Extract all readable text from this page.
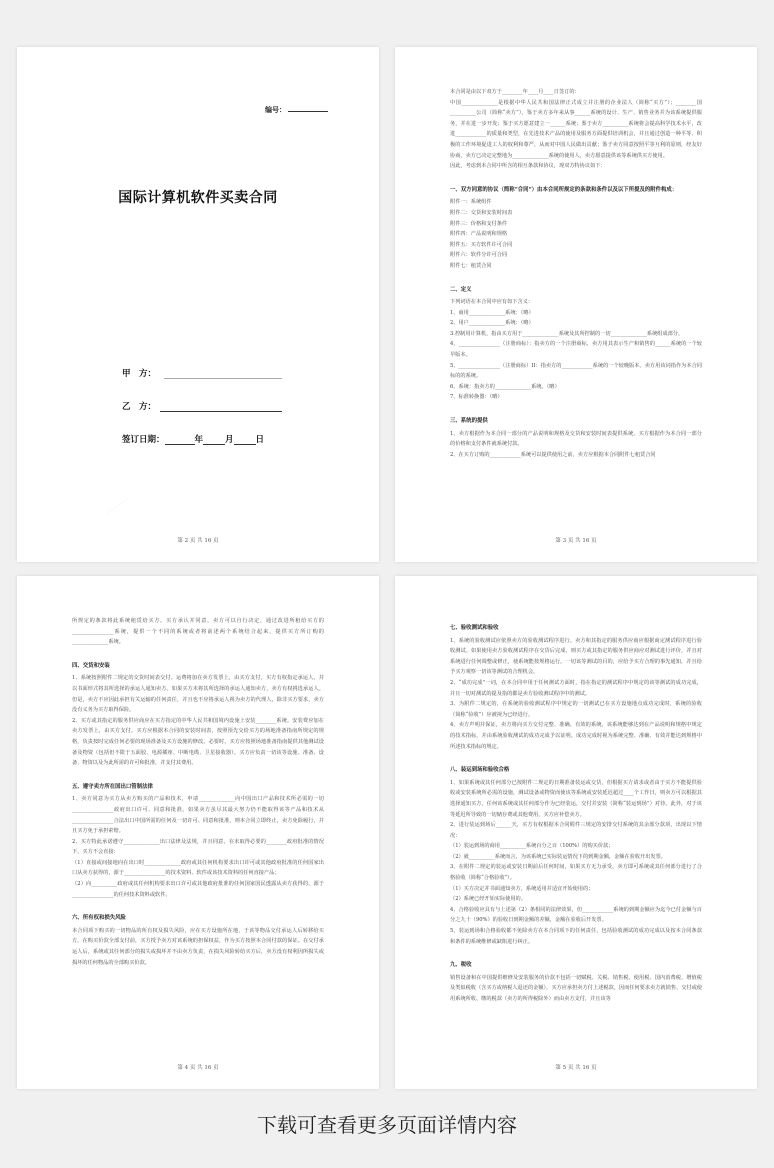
编号：
国际计算机软件买卖合同
甲　方：
乙　方：
签订日期：	年	月	日
第 2 页 共 16 页

本合同是由以下双方于________年____月____日签订的：

中国______________是根据中华人民共和国法律正式成立并注册的企业法人（简称“买方”）；________国__________公司（简称“卖方”），鉴于卖方多年来从事______系统的设计、生产、销售业务并为该系统提供服务，并在进一步开发；鉴于买方愿意建立一______系统；鉴于卖方__________系统将会提高科学技术水平，改进____________的质量和类型，在先进技术产品的使用及服务方面提供培训机会，并且通过创造一种平等、积极的工作环境促进工人的权利和尊严，从而对中国人民做出贡献；鉴于卖方同意按照平等互利的原则，经友好协商，卖方已决定完整地为______________系统的使用人，卖方愿意提供该等系统供买方使用。

因此，考虑到本合同中所含的相互条款和协议，现双方特协议如下：

一、双方同意的协议（简称“合同”）由本合同所规定的条款和条件以及以下所提及的附件构成：

附件一：系统组件

附件二：交货和安装时间表

附件三：价格和支付条件

附件四：产品说明和规格

附件五：买方软件许可合同

附件六：软件分许可合同

附件七：租赁合同

二、定义

下列词语在本合同中应有如下含义：

1、商用______________系统：（略）

2、用户______________系统：（略）

3.控制用计算机，指由买方用于______________系统及其所控制的一切______________系统组成部分。

4、________________（注册商标）：指卖方的一个注册商标，卖方用其表示生产和销售的______系统的一个较早版本。

5、________________（注册商标）II：指卖方的____________系统的一个较晚版本。卖方用该词指作为本合同标的的系统。

6、系统：指卖方的______________系统。（略）

7、标准转换器：（略）

三、系统的提供

1、卖方根据作为本合同一部分的产品说明和规格及交货和安装时间表提供系统，买方根据作为本合同一部分的价格和支付条件就系统付款。

2、在买方订购的____________系统可以提供使用之前，卖方应根据本合同附件七租赁合同

第 3 页 共 16 页

所规定的条款将此系统租赁给买方。买方承认并同意，卖方可以自行决定，通过改进所租给买方的________________系统，提供一个不同的系统或者将前述两个系统结合起来，提供买方所订购的______________系统。

四、交货和安装

1、系统按照附件二规定的交货时间表交付。运费将加在卖方发票上，由买方支付。买方有权指定承运人，并以书面形式将其所选择的承运人通知卖方。如果买方未将其所选择的承运人通知卖方，卖方有权挑选承运人。但是，卖方不应因此承担有关运输的任何责任，并且也不应将承运人视为卖方的代理人，除非买方要求，卖方没有义务为买方取得保险。

2、买方或其指定的服务供应商应在买方指定的中华人民共和国境内设施上安装________系统。安装费应加在卖方发票上，由买方支付。买方应根据本合同的安装时间表，按照预先交给买方的场地准备指南所规定的规格，负责按时完成任何必要的现场准备及买方设施的修改。必要时，买方应按照场地准备指南提供其他测试设备及物资（包括但不限于五面胶、电源插座、中断电缆、卫星接收器）。买方应负责一切该等设施、准备、设备、物资以及为此所需的许可和批准，并支付其费用。

五、遵守卖方所在国出口管制法律

1、卖方同意为买方从卖方购买的产品和技术，申请______________向中国出口产品和技术所必需的一切________________政府出口许可、同意和批准。如果卖方虽尽其最大努力仍不能取得该等产品和技术从________________合法出口中国所需的任何及一切许可、同意和批准，则本合同立即终止，卖方免除履行，并且买方免于承担索赔。

2、买方特此承诺遵守______________出口法律及法规，并且同意，在未取得必要的________政府批准的情况下，买方不会直接：

（1）直接或间接地向在出口时______________政府或其任何机构要求出口许可或其他政府批准的任何国家出口从卖方获得的，源于________________的技术资料、软件或该技术资料的任何直接产品；

（2）向__________政府或其任何机构要求出口许可或其他政府批准的任何国家国民透露从卖方获得的，源于________________的任何技术资料或软件。

六、所有权和损失风险

本合同项下购买的一切物品的所有权及损失风险，应在买方设施所在地，于该等物品交付承运人后转移给买方。在购买价款全部支付前，买方授予卖方对该系统的担保权益，作为买方按照本合同付款的保证。在交付承运人后，系统或其任何部分的损失或损坏并不由卖方负责，在损失风险转给买方后，卖方没有权利因所损失或损坏的任何物品的全部购买价款。

第 4 页 共 16 页
七、验收测试和验收

1、系统的验收测试应依照卖方的验收测试程序进行。卖方和其指定的服务供应商应根据商定测试程序进行验收测试。如果使用卖方验收测试程序在交货后完成，则买方或其指定的服务供应商应对测试进行评价，并且对系统进行任何调整或修正，使系统能按规格运行。一切该等测试的目的，应给予买方合理的事先通知，并且给予买方观察一切该等测试的合理机会。

2、“成功完成”一词，在本合同中用于任何测试方面时，指在指定的测试程序中规定的该等测试的成功完成，并且一切对测试的提及指的都是卖方验收测试程序中的测试。

3、为附件二规定的，在系统的验收测试程序中规定的一切测试已在买方设施地点成功完成时，系统的验收（简称“验收”）应被视为已经进行。

4、卖方声明并保证，卖方将向买方交付完整、准确、有效的系统，该系统能够达到在产品说明和规格中规定的技术指标，并由系统验收测试的成功完成予以证明。成功完成时视为系统完整、准确、有效并能达到规格中所述技术指标的规定。

八、装运到场和验收合格

1、如果系统或其任何部分已按附件二规定的日期准备装运或交货，但根据买方请求或者由于买方不能提供验收或安装系统所必需的设施，测试设备或物资而使该等系统或安装延迟超过____个工作日，则卖方可以根据其选择通知买方，任何该系统或其任何部分作为已经装运，交付并安装（简称“装运到场”）对待。此外，对于该等延迟所导致的一切储存费或其他费用，买方应补偿卖方。

2、进行装运到场后______天，买方有权根据本合同附件三规定的安排交付系统的其余部分款项，出现以下情况：

（1）装运到场的商用__________系统百分之百（100%）的购买价款；

（2）就__________系统而言，为该系统已实际装运情况下的到期金额，金额在验收开出发票。

3、在附件二规定的装运或安装日期前后任何时间，如果买方无力承受，卖方即可系统或其任何部分进行了合格验收（简称“合格验收”）。

（1）买方决定并书面通知卖方，系统适用并适宜开始使用的；

（2）系统已经开始实际使用的。

4、合格验收应具有与上述第（2）条相同的法律效果，但____________系统的到期金额应为迄今已付金额与百分之九十（90%）的验收日到期金额的差额，金额在验收后开发票。

5、装运到场和合格验收都不免除卖方在本合同项下的任何责任，包括验收测试的成功完成以及按本合同条款和条件的系统维修或缺陷进行纠正。

九、税收

销售设备和在中国提供维修及安装服务的价款不包括一切赋税、关税、销售税、使用税、国内消费税、增值税及类似税收（含买方或纳税人退还的金额），买方应承担卖方付上述税款，因而任何要求卖方就销售、交付或使用系统所收、缴的税款（卖方的所得税除外）而由卖方支付，并且该等

第 5 页 共 16 页
下载可查看更多页面详情内容
